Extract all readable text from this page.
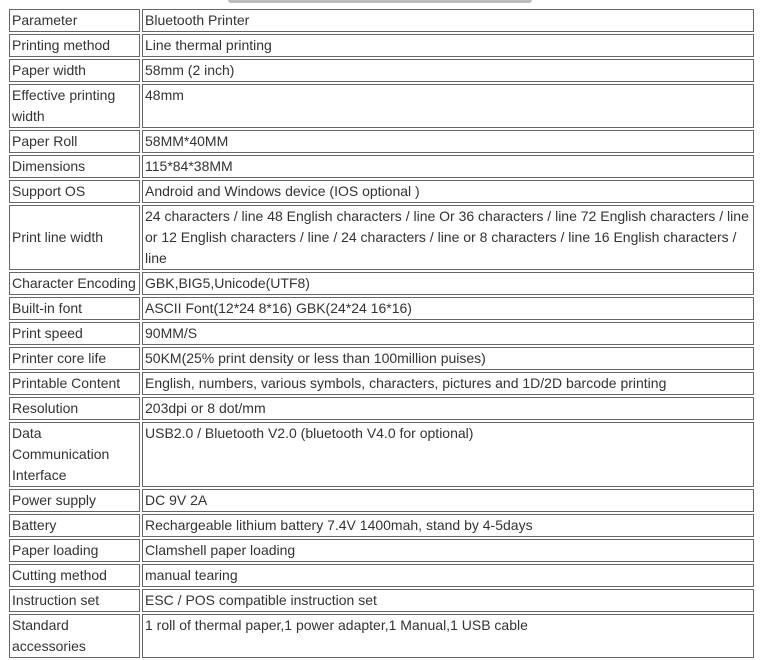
Parameter	Bluetooth Printer
Printing method	Line thermal printing
Paper width	58mm (2 inch)
Effective printing width	48mm
Paper Roll	58MM*40MM
Dimensions	115*84*38MM
Support OS	Android and Windows device (IOS optional )
Print line width	24 characters / line 48 English characters / line Or 36 characters / line 72 English characters / line or 12 English characters / line / 24 characters / line or 8 characters / line 16 English characters / line
Character Encoding	GBK,BIG5,Unicode(UTF8)
Built-in font	ASCII Font(12*24 8*16) GBK(24*24 16*16)
Print speed	90MM/S
Printer core life	50KM(25% print density or less than 100million puises)
Printable Content	English, numbers, various symbols, characters, pictures and 1D/2D barcode printing
Resolution	203dpi or 8 dot/mm
Data Communication Interface	USB2.0 / Bluetooth V2.0 (bluetooth V4.0 for optional)
Power supply	DC 9V 2A
Battery	Rechargeable lithium battery 7.4V 1400mah, stand by 4-5days
Paper loading	Clamshell paper loading
Cutting method	manual tearing
Instruction set	ESC / POS compatible instruction set
Standard accessories	1 roll of thermal paper,1 power adapter,1 Manual,1 USB cable
